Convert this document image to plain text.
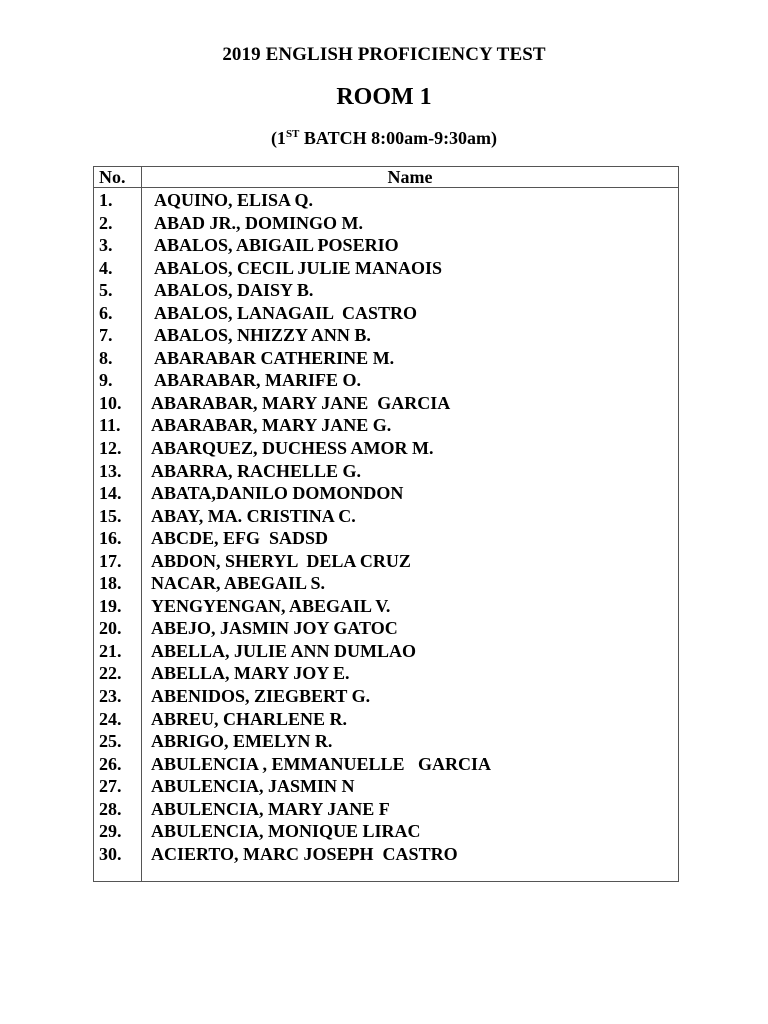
2019 ENGLISH PROFICIENCY TEST
ROOM 1
(1ST BATCH 8:00am-9:30am)
No.	Name
1. AQUINO, ELISA Q.
2. ABAD JR., DOMINGO M.
3. ABALOS, ABIGAIL POSERIO
4. ABALOS, CECIL JULIE MANAOIS
5. ABALOS, DAISY B.
6. ABALOS, LANAGAIL  CASTRO
7. ABALOS, NHIZZY ANN B.
8. ABARABAR CATHERINE M.
9. ABARABAR, MARIFE O.
10. ABARABAR, MARY JANE  GARCIA
11. ABARABAR, MARY JANE G.
12. ABARQUEZ, DUCHESS AMOR M.
13. ABARRA, RACHELLE G.
14. ABATA,DANILO DOMONDON
15. ABAY, MA. CRISTINA C.
16. ABCDE, EFG  SADSD
17. ABDON, SHERYL  DELA CRUZ
18. NACAR, ABEGAIL S.
19. YENGYENGAN, ABEGAIL V.
20. ABEJO, JASMIN JOY GATOC
21. ABELLA, JULIE ANN DUMLAO
22. ABELLA, MARY JOY E.
23. ABENIDOS, ZIEGBERT G.
24. ABREU, CHARLENE R.
25. ABRIGO, EMELYN R.
26. ABULENCIA , EMMANUELLE   GARCIA
27. ABULENCIA, JASMIN N
28. ABULENCIA, MARY JANE F
29. ABULENCIA, MONIQUE LIRAC
30. ACIERTO, MARC JOSEPH  CASTRO
